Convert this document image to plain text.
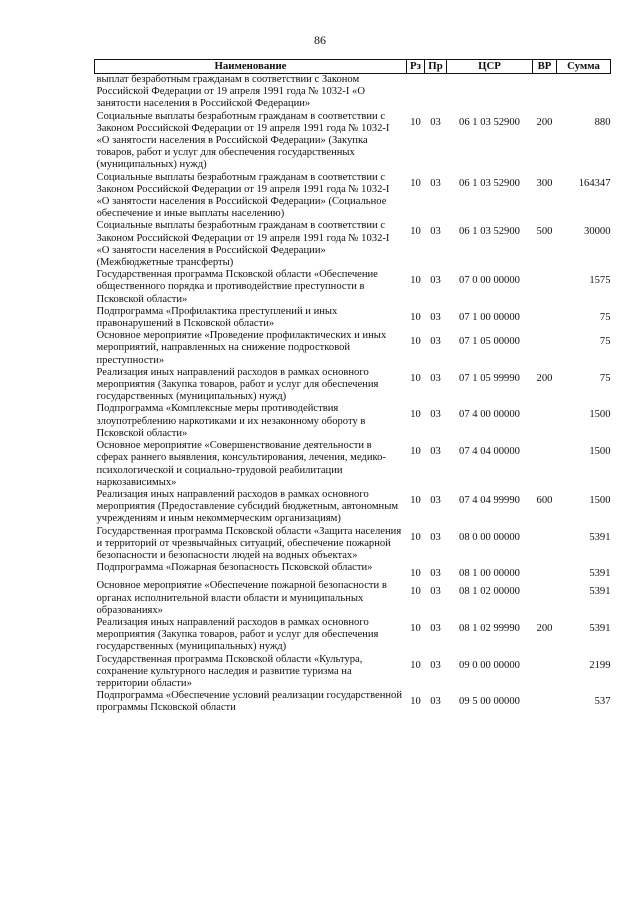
86
Наименование	Рз	Пр	ЦСР	ВР	Сумма
выплат безработным гражданам в соответствии с Законом Российской Федерации от 19 апреля 1991 года № 1032-I «О занятости населения в Российской Федерации»					
Социальные выплаты безработным гражданам в соответствии с Законом Российской Федерации от 19 апреля 1991 года № 1032-I «О занятости населения в Российской Федерации» (Закупка товаров, работ и услуг для обеспечения государственных (муниципальных) нужд)	10	03	06 1 03 52900	200	880
Социальные выплаты безработным гражданам в соответствии с Законом Российской Федерации от 19 апреля 1991 года № 1032-I «О занятости населения в Российской Федерации» (Социальное обеспечение и иные выплаты населению)	10	03	06 1 03 52900	300	164347
Социальные выплаты безработным гражданам в соответствии с Законом Российской Федерации от 19 апреля 1991 года № 1032-I «О занятости населения в Российской Федерации» (Межбюджетные трансферты)	10	03	06 1 03 52900	500	30000
Государственная программа Псковской области «Обеспечение общественного порядка и противодействие преступности в Псковской области»	10	03	07 0 00 00000		1575
Подпрограмма «Профилактика преступлений и иных правонарушений в Псковской области»	10	03	07 1 00 00000		75
Основное мероприятие «Проведение профилактических и иных мероприятий, направленных на снижение подростковой преступности»	10	03	07 1 05 00000		75
Реализация иных направлений расходов в рамках основного мероприятия (Закупка товаров, работ и услуг для обеспечения государственных (муниципальных) нужд)	10	03	07 1 05 99990	200	75
Подпрограмма «Комплексные меры противодействия злоупотреблению наркотиками и их незаконному обороту в Псковской области»	10	03	07 4 00 00000		1500
Основное мероприятие «Совершенствование деятельности в сферах раннего выявления, консультирования, лечения, медико-психологической и социально-трудовой реабилитации наркозависимых»	10	03	07 4 04 00000		1500
Реализация иных направлений расходов в рамках основного мероприятия (Предоставление субсидий бюджетным, автономным учреждениям и иным некоммерческим организациям)	10	03	07 4 04 99990	600	1500
Государственная программа Псковской области «Защита населения и территорий от чрезвычайных ситуаций, обеспечение пожарной безопасности и безопасности людей на водных объектах»	10	03	08 0 00 00000		5391
Подпрограмма «Пожарная безопасность Псковской области»	10	03	08 1 00 00000		5391
Основное мероприятие «Обеспечение пожарной безопасности в органах исполнительной власти области и муниципальных образованиях»	10	03	08 1 02 00000		5391
Реализация иных направлений расходов в рамках основного мероприятия (Закупка товаров, работ и услуг для обеспечения государственных (муниципальных) нужд)	10	03	08 1 02 99990	200	5391
Государственная программа Псковской области «Культура, сохранение культурного наследия и развитие туризма на территории области»	10	03	09 0 00 00000		2199
Подпрограмма «Обеспечение условий реализации государственной программы Псковской области	10	03	09 5 00 00000		537
